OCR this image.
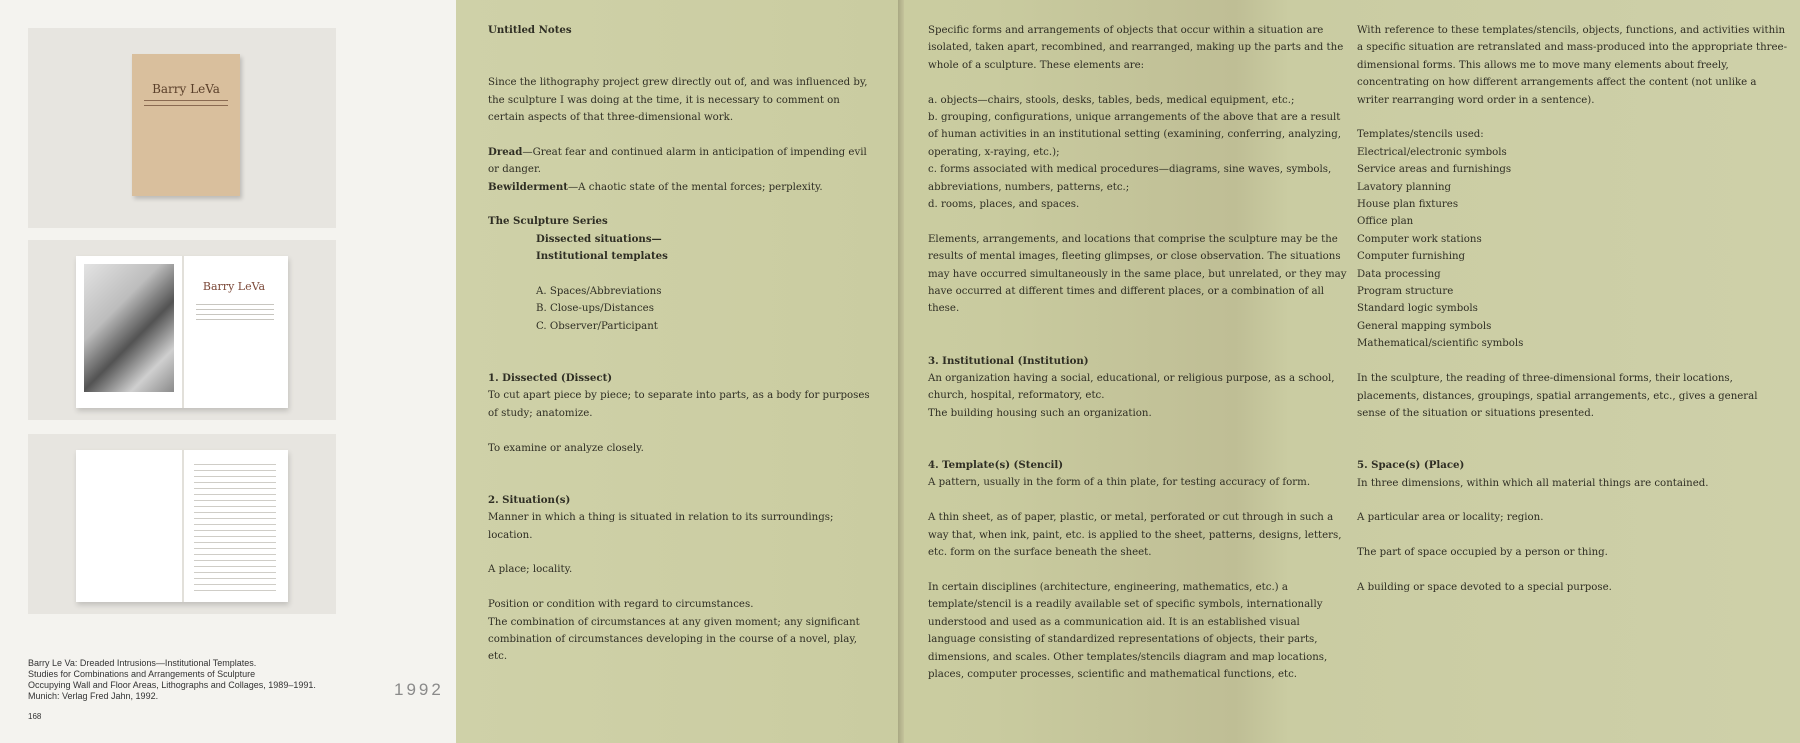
Barry LeVa
Barry LeVa
Barry Le Va: Dreaded Intrusions—Institutional Templates.
Studies for Combinations and Arrangements of Sculpture
Occupying Wall and Floor Areas, Lithographs and Collages, 1989–1991.
Munich: Verlag Fred Jahn, 1992.
168
1992

Untitled Notes

Since the lithography project grew directly out of, and was influenced by, the sculpture I was doing at the time, it is necessary to comment on certain aspects of that three-dimensional work.

Dread—Great fear and continued alarm in anticipation of impending evil or danger.
Bewilderment—A chaotic state of the mental forces; perplexity.

The Sculpture Series

Dissected situations—
Institutional templates

A. Spaces/Abbreviations
B. Close-ups/Distances
C. Observer/Participant

1. Dissected (Dissect)
To cut apart piece by piece; to separate into parts, as a body for purposes of study; anatomize.

To examine or analyze closely.

2. Situation(s)
Manner in which a thing is situated in relation to its surroundings; location.

A place; locality.

Position or condition with regard to circumstances.
The combination of circumstances at any given moment; any significant combination of circumstances developing in the course of a novel, play, etc.

Specific forms and arrangements of objects that occur within a situation are isolated, taken apart, recombined, and rearranged, making up the parts and the whole of a sculpture. These elements are:

a. objects—chairs, stools, desks, tables, beds, medical equipment, etc.;
b. grouping, configurations, unique arrangements of the above that are a result of human activities in an institutional setting (examining, conferring, analyzing, operating, x-raying, etc.);
c. forms associated with medical procedures—diagrams, sine waves, symbols, abbreviations, numbers, patterns, etc.;
d. rooms, places, and spaces.

Elements, arrangements, and locations that comprise the sculpture may be the results of mental images, fleeting glimpses, or close observation. The situations may have occurred simultaneously in the same place, but unrelated, or they may have occurred at different times and different places, or a combination of all these.

3. Institutional (Institution)
An organization having a social, educational, or religious purpose, as a school, church, hospital, reformatory, etc.
The building housing such an organization.

4. Template(s) (Stencil)
A pattern, usually in the form of a thin plate, for testing accuracy of form.

A thin sheet, as of paper, plastic, or metal, perforated or cut through in such a way that, when ink, paint, etc. is applied to the sheet, patterns, designs, letters, etc. form on the surface beneath the sheet.

In certain disciplines (architecture, engineering, mathematics, etc.) a template/stencil is a readily available set of specific symbols, internationally understood and used as a communication aid. It is an established visual language consisting of standardized representations of objects, their parts, dimensions, and scales. Other templates/stencils diagram and map locations, places, computer processes, scientific and mathematical functions, etc.

With reference to these templates/stencils, objects, functions, and activities within a specific situation are retranslated and mass-produced into the appropriate three-dimensional forms. This allows me to move many elements about freely, concentrating on how different arrangements affect the content (not unlike a writer rearranging word order in a sentence).

Templates/stencils used:
Electrical/electronic symbols
Service areas and furnishings
Lavatory planning
House plan fixtures
Office plan
Computer work stations
Computer furnishing
Data processing
Program structure
Standard logic symbols
General mapping symbols
Mathematical/scientific symbols

In the sculpture, the reading of three-dimensional forms, their locations, placements, distances, groupings, spatial arrangements, etc., gives a general sense of the situation or situations presented.

5. Space(s) (Place)
In three dimensions, within which all material things are contained.

A particular area or locality; region.

The part of space occupied by a person or thing.

A building or space devoted to a special purpose.
